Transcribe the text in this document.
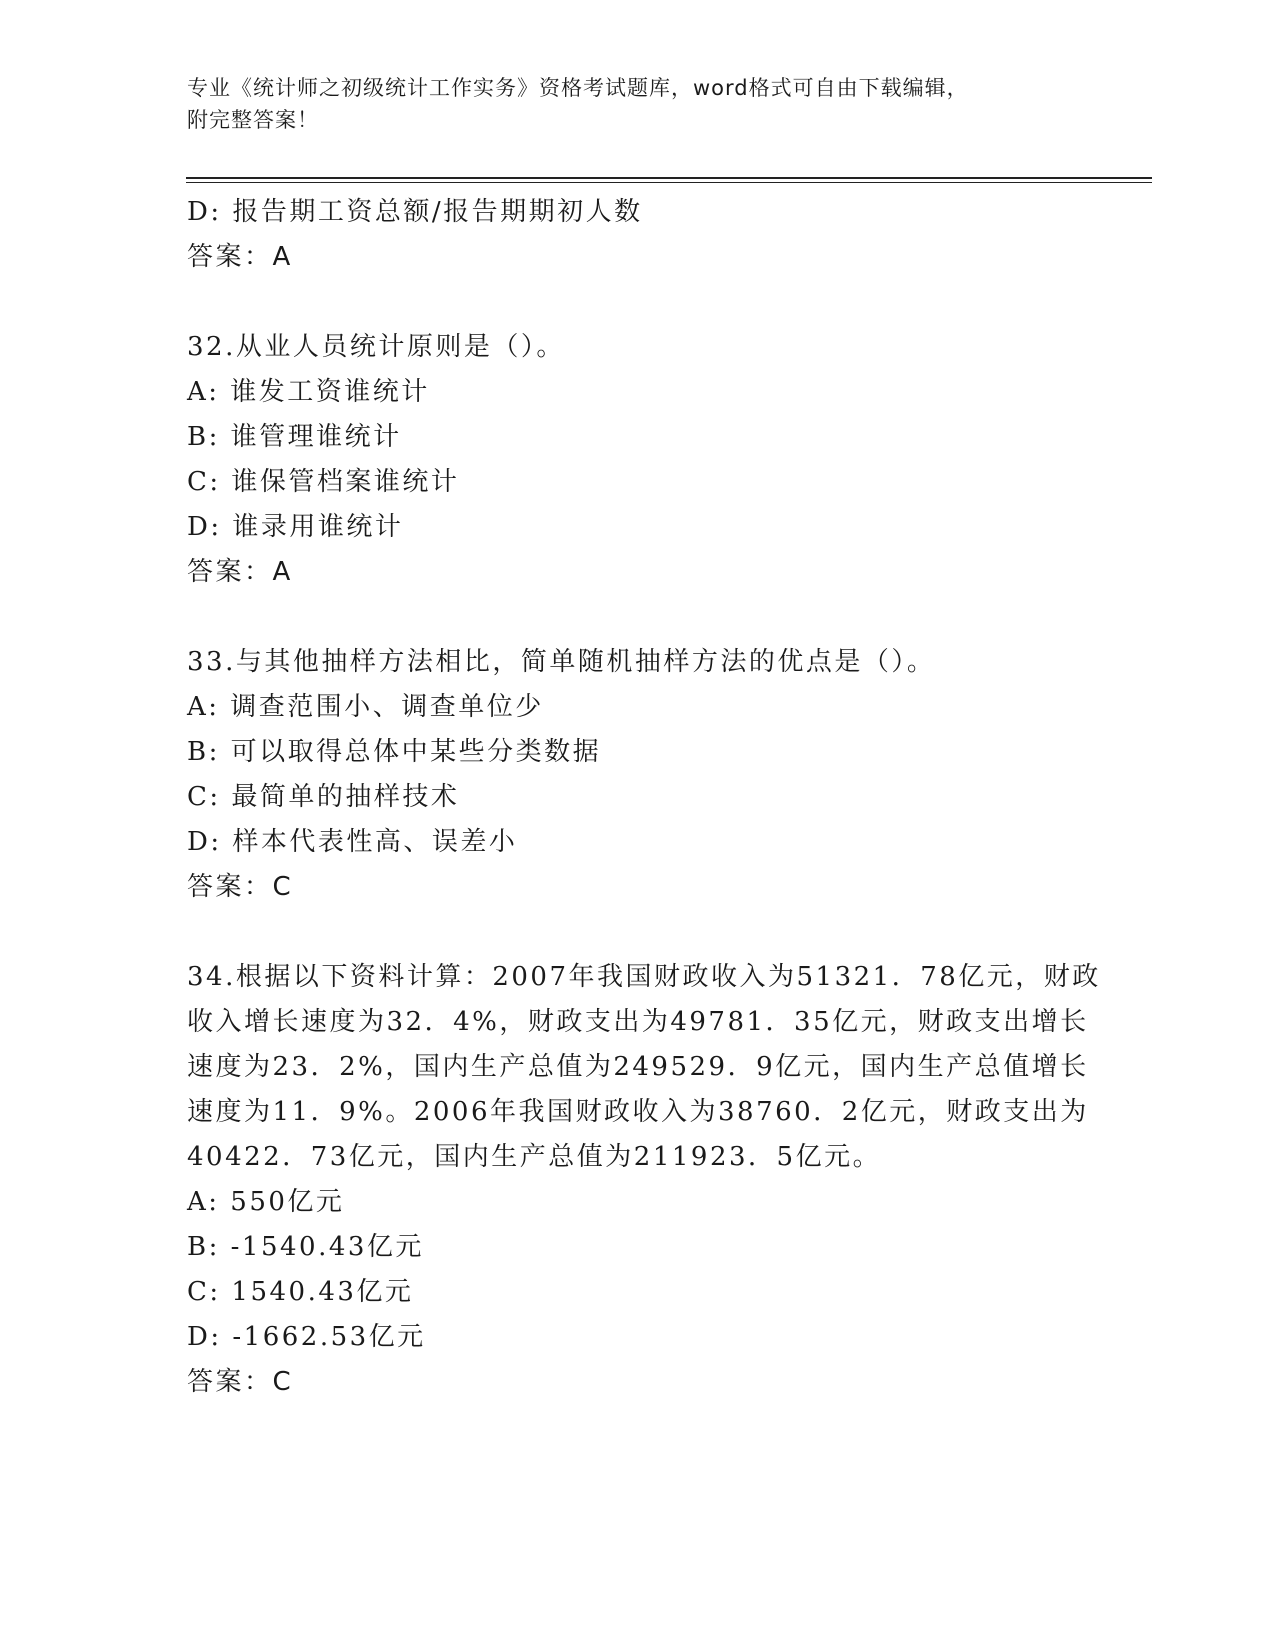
专业《统计师之初级统计工作实务》资格考试题库，word格式可自由下载编辑，
附完整答案！
D: 报告期工资总额/报告期期初人数
答案：A
32.从业人员统计原则是（）。
A: 谁发工资谁统计
B: 谁管理谁统计
C: 谁保管档案谁统计
D: 谁录用谁统计
答案：A
33.与其他抽样方法相比，简单随机抽样方法的优点是（）。
A: 调查范围小、调查单位少
B: 可以取得总体中某些分类数据
C: 最简单的抽样技术
D: 样本代表性高、误差小
答案：C
34.根据以下资料计算：2007年我国财政收入为51321．78亿元，财政
收入增长速度为32．4%，财政支出为49781．35亿元，财政支出增长
速度为23．2%，国内生产总值为249529．9亿元，国内生产总值增长
速度为11．9%。2006年我国财政收入为38760．2亿元，财政支出为
40422．73亿元，国内生产总值为211923．5亿元。
A: 550亿元
B: -1540.43亿元
C: 1540.43亿元
D: -1662.53亿元
答案：C
